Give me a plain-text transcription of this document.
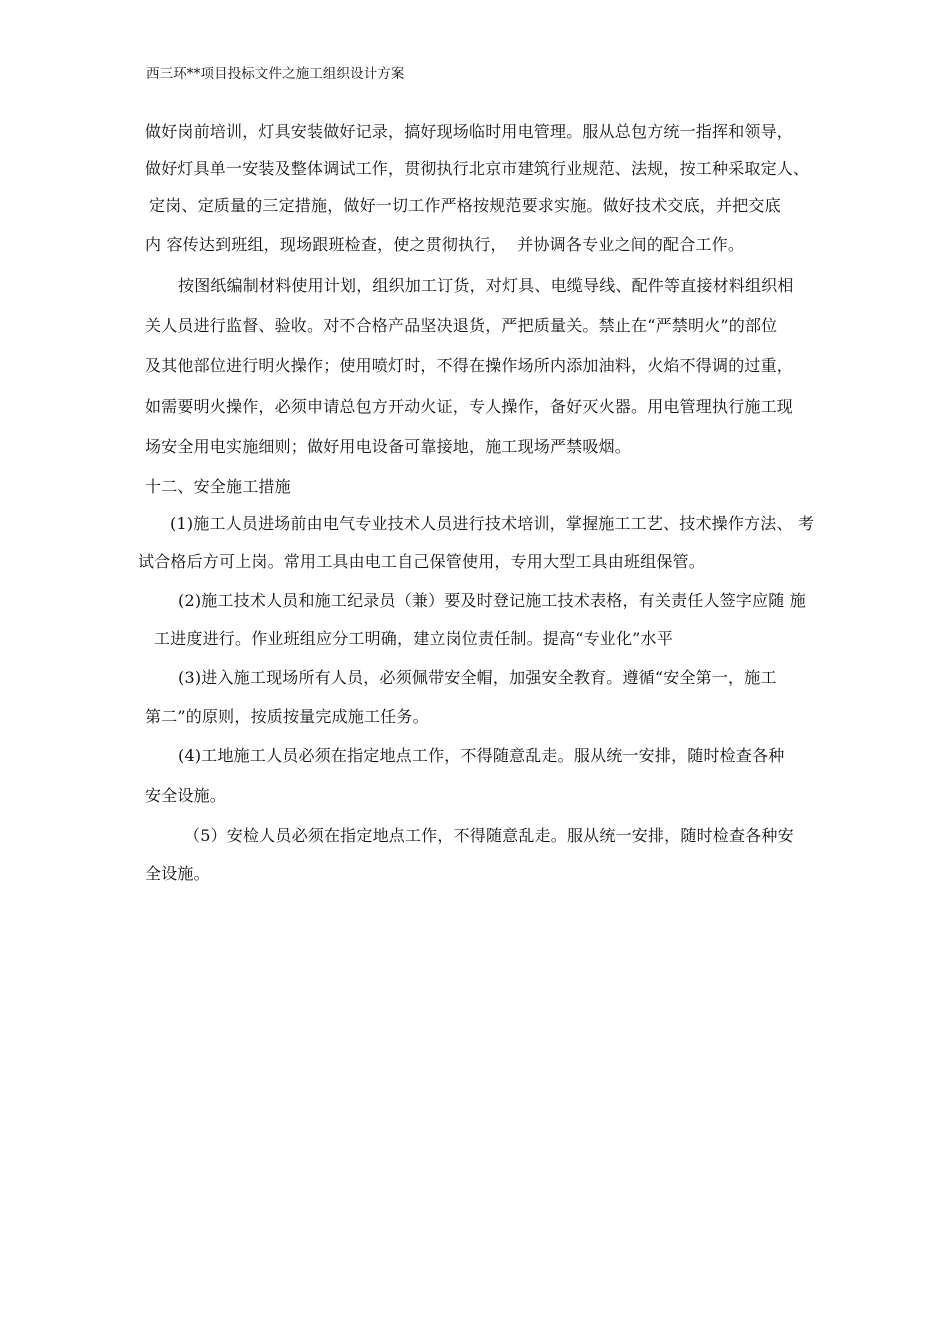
西三环**项目投标文件之施工组织设计方案
做好岗前培训，灯具安装做好记录，搞好现场临时用电管理。服从总包方统一指挥和领导，
做好灯具单一安装及整体调试工作，贯彻执行北京市建筑行业规范、法规，按工种采取定人、
定岗、定质量的三定措施，做好一切工作严格按规范要求实施。做好技术交底，并把交底
内 容传达到班组，现场跟班检查，使之贯彻执行，  并协调各专业之间的配合工作。
按图纸编制材料使用计划，组织加工订货，对灯具、电缆导线、配件等直接材料组织相
关人员进行监督、验收。对不合格产品坚决退货，严把质量关。禁止在“严禁明火”的部位
及其他部位进行明火操作；使用喷灯时，不得在操作场所内添加油料，火焰不得调的过重，
如需要明火操作，必须申请总包方开动火证，专人操作，备好灭火器。用电管理执行施工现
场安全用电实施细则；做好用电设备可靠接地，施工现场严禁吸烟。
十二、安全施工措施
(1)施工人员进场前由电气专业技术人员进行技术培训，掌握施工工艺、技术操作方法、 考
试合格后方可上岗。常用工具由电工自己保管使用，专用大型工具由班组保管。
(2)施工技术人员和施工纪录员（兼）要及时登记施工技术表格，有关责任人签字应随 施
工进度进行。作业班组应分工明确，建立岗位责任制。提高“专业化”水平
(3)进入施工现场所有人员，必须佩带安全帽，加强安全教育。遵循“安全第一，施工
第二”的原则，按质按量完成施工任务。
(4)工地施工人员必须在指定地点工作，不得随意乱走。服从统一安排，随时检查各种
安全设施。
（5）安检人员必须在指定地点工作，不得随意乱走。服从统一安排，随时检查各种安
全设施。
